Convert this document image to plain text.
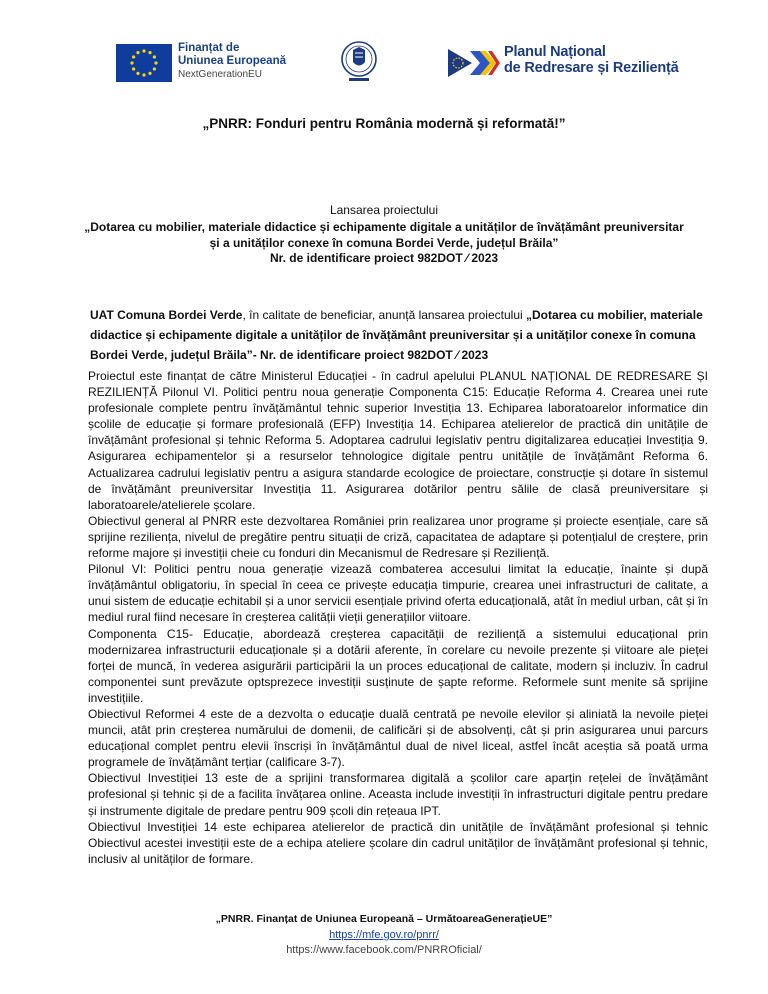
Finanțat de
Uniunea Europeană
NextGenerationEU
Planul Național
de Redresare și Reziliență
„PNRR: Fonduri pentru România modernă și reformată!”
Lansarea proiectului
„Dotarea cu mobilier, materiale didactice și echipamente digitale a unităților de învățământ preuniversitar și a unităților conexe în comuna Bordei Verde, județul Brăila”
Nr. de identificare proiect 982DOT ⁄ 2023
UAT Comuna Bordei Verde, în calitate de beneficiar, anunță lansarea proiectului „Dotarea cu mobilier, materiale didactice și echipamente digitale a unităților de învățământ preuniversitar și a unităților conexe în comuna Bordei Verde, județul Brăila”- Nr. de identificare proiect 982DOT ⁄ 2023

Proiectul este finanțat de către Ministerul Educației - în cadrul apelului PLANUL NAȚIONAL DE REDRESARE ȘI REZILIENȚĂ Pilonul VI. Politici pentru noua generație Componenta C15: Educație Reforma 4. Crearea unei rute profesionale complete pentru învățământul tehnic superior Investiția 13. Echiparea laboratoarelor informatice din școlile de educație și formare profesională (EFP) Investiția 14. Echiparea atelierelor de practică din unitățile de învățământ profesional și tehnic Reforma 5. Adoptarea cadrului legislativ pentru digitalizarea educației Investiția 9. Asigurarea echipamentelor și a resurselor tehnologice digitale pentru unitățile de învățământ Reforma 6. Actualizarea cadrului legislativ pentru a asigura standarde ecologice de proiectare, construcție și dotare în sistemul de învățământ preuniversitar Investiția 11. Asigurarea dotărilor pentru sălile de clasă preuniversitare și laboratoarele/atelierele școlare.

Obiectivul general al PNRR este dezvoltarea României prin realizarea unor programe și proiecte esențiale, care să sprijine reziliența, nivelul de pregătire pentru situații de criză, capacitatea de adaptare și potențialul de creștere, prin reforme majore și investiții cheie cu fonduri din Mecanismul de Redresare și Reziliență.

Pilonul VI: Politici pentru noua generație vizează combaterea accesului limitat la educație, înainte și după învățământul obligatoriu, în special în ceea ce privește educația timpurie, crearea unei infrastructuri de calitate, a unui sistem de educație echitabil și a unor servicii esențiale privind oferta educațională, atât în mediul urban, cât și în mediul rural fiind necesare în creșterea calității vieții generațiilor viitoare.

Componenta C15- Educație, abordează creșterea capacității de reziliență a sistemului educațional prin modernizarea infrastructurii educaționale și a dotării aferente, în corelare cu nevoile prezente și viitoare ale pieței forței de muncă, în vederea asigurării participării la un proces educațional de calitate, modern și incluziv. În cadrul componentei sunt prevăzute optsprezece investiții susținute de șapte reforme. Reformele sunt menite să sprijine investițiile.

Obiectivul Reformei 4 este de a dezvolta o educație duală centrată pe nevoile elevilor și aliniată la nevoile pieței muncii, atât prin creșterea numărului de domenii, de calificări și de absolvenți, cât și prin asigurarea unui parcurs educațional complet pentru elevii înscriși în învățământul dual de nivel liceal, astfel încât aceștia să poată urma programele de învățământ terțiar (calificare 3-7).

Obiectivul Investiției 13 este de a sprijini transformarea digitală a școlilor care aparțin rețelei de învățământ profesional și tehnic și de a facilita învățarea online. Aceasta include investiții în infrastructuri digitale pentru predare și instrumente digitale de predare pentru 909 școli din rețeaua IPT.

Obiectivul Investiției 14 este echiparea atelierelor de practică din unitățile de învățământ profesional și tehnic Obiectivul acestei investiții este de a echipa ateliere școlare din cadrul unităților de învățământ profesional și tehnic, inclusiv al unităților de formare.

„PNRR. Finanțat de Uniunea Europeană – UrmătoareaGenerațieUE”
https://mfe.gov.ro/pnrr/
https://www.facebook.com/PNRROficial/
